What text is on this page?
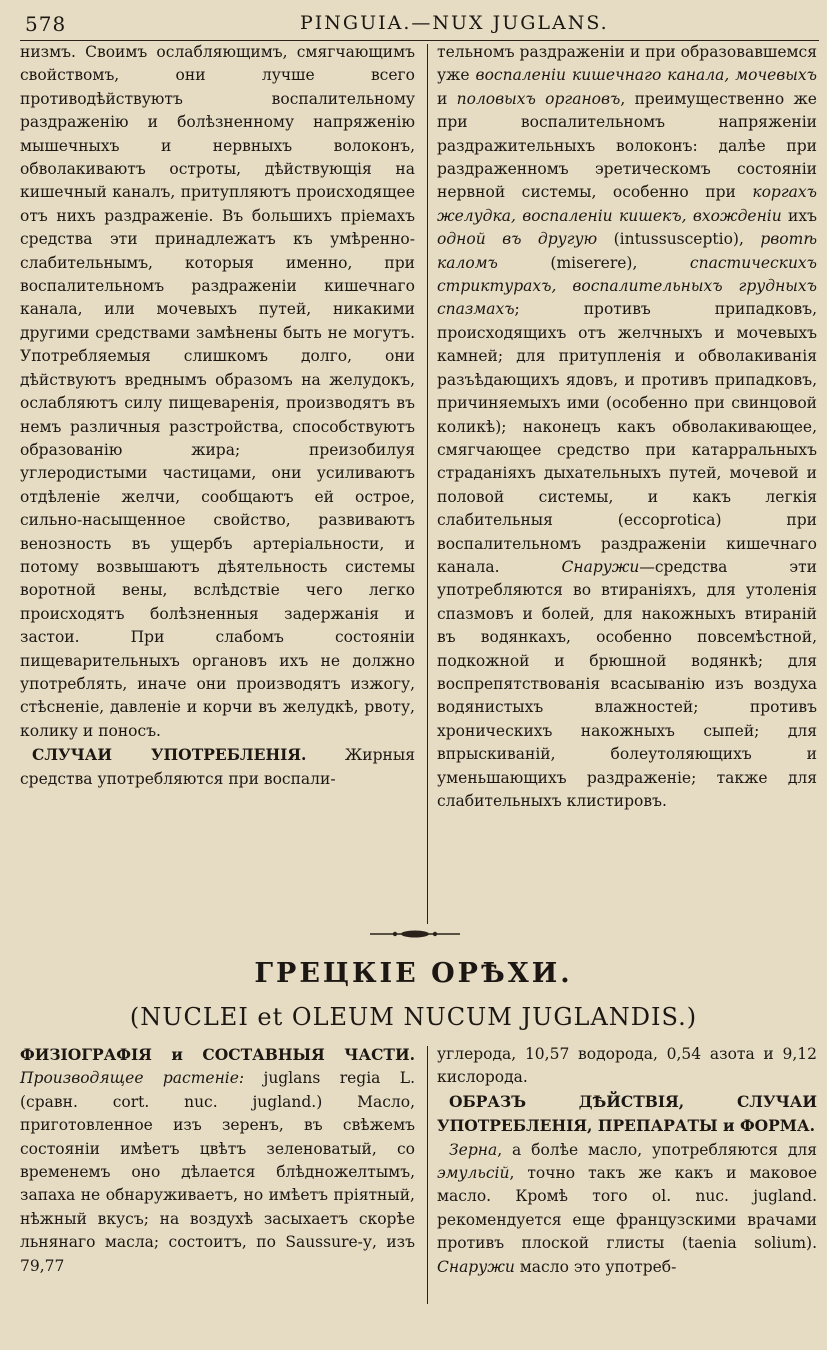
578	PINGUIA.—NUX JUGLANS.

низмъ. Своимъ ослабляющимъ, смягчающимъ свойствомъ, они лучше всего противодѣйствуютъ воспалительному раздраженію и болѣзненному напряженію мышечныхъ и нервныхъ волоконъ, обволакиваютъ остроты, дѣйствующія на кишечный каналъ, притупляютъ происходящее отъ нихъ раздраженіе. Въ большихъ пріемахъ средства эти принадлежатъ къ умѣренно-слабительнымъ, которыя именно, при воспалительномъ раздраженіи кишечнаго канала, или мочевыхъ путей, никакими другими средствами замѣнены быть не могутъ. Употребляемыя слишкомъ долго, они дѣйствуютъ вреднымъ образомъ на желудокъ, ослабляютъ силу пищеваренія, производятъ въ немъ различныя разстройства, способствуютъ образованію жира; преизобилуя углеродистыми частицами, они усиливаютъ отдѣленіе желчи, сообщаютъ ей острое, сильно-насыщенное свойство, развиваютъ венозность въ ущербъ артеріальности, и потому возвышаютъ дѣятельность системы воротной вены, вслѣдствіе чего легко происходятъ болѣзненныя задержанія и застои. При слабомъ состояніи пищеварительныхъ органовъ ихъ не должно употреблять, иначе они производятъ изжогу, стѣсненіе, давленіе и корчи въ желудкѣ, рвоту, колику и поносъ.

СЛУЧАИ УПОТРЕБЛЕНІЯ. Жирныя средства употребляются при воспали-

тельномъ раздраженіи и при образовавшемся уже воспаленіи кишечнаго канала, мочевыхъ и половыхъ органовъ, преимущественно же при воспалительномъ напряженіи раздражительныхъ волоконъ: далѣе при раздраженномъ эретическомъ состояніи нервной системы, особенно при коргахъ желудка, воспаленіи кишекъ, вхожденіи ихъ одной въ другую (intussusceptio), рвотѣ каломъ (miserere), спастическихъ стриктурахъ, воспалительныхъ грудныхъ спазмахъ; противъ припадковъ, происходящихъ отъ желчныхъ и мочевыхъ камней; для притупленія и обволакиванія разъѣдающихъ ядовъ, и противъ припадковъ, причиняемыхъ ими (особенно при свинцовой коликѣ); наконецъ какъ обволакивающее, смягчающее средство при катарральныхъ страданіяхъ дыхательныхъ путей, мочевой и половой системы, и какъ легкія слабительныя (eccoprotica) при воспалительномъ раздраженіи кишечнаго канала. Снаружи—средства эти употребляются во втираніяхъ, для утоленія спазмовъ и болей, для накожныхъ втираній въ водянкахъ, особенно повсемѣстной, подкожной и брюшной водянкѣ; для воспрепятствованія всасыванію изъ воздуха водянистыхъ влажностей; противъ хроническихъ накожныхъ сыпей; для впрыскиваній, болеутоляющихъ и уменьшающихъ раздраженіе; также для слабительныхъ клистировъ.

ГРЕЦКІЕ ОРѢХИ.
(NUCLEI et OLEUM NUCUM JUGLANDIS.)

ФИЗІОГРАФІЯ и СОСТАВНЫЯ ЧАСТИ. Производящее растеніе: juglans regia L. (сравн. cort. nuc. jugland.) Масло, приготовленное изъ зеренъ, въ свѣжемъ состояніи имѣетъ цвѣтъ зеленоватый, со временемъ оно дѣлается блѣдножелтымъ, запаха не обнаруживаетъ, но имѣетъ пріятный, нѣжный вкусъ; на воздухѣ засыхаетъ скорѣе льнянаго масла; состоитъ, по Saussure-у, изъ 79,77

углерода, 10,57 водорода, 0,54 азота и 9,12 кислорода.

ОБРАЗЪ ДѢЙСТВІЯ, СЛУЧАИ УПОТРЕБЛЕНІЯ, ПРЕПАРАТЫ и ФОРМА.

Зерна, а болѣе масло, употребляются для эмульсій, точно такъ же какъ и маковое масло. Кромѣ того ol. nuc. jugland. рекомендуется еще французскими врачами противъ плоской глисты (taenia solium). Снаружи масло это употреб-
